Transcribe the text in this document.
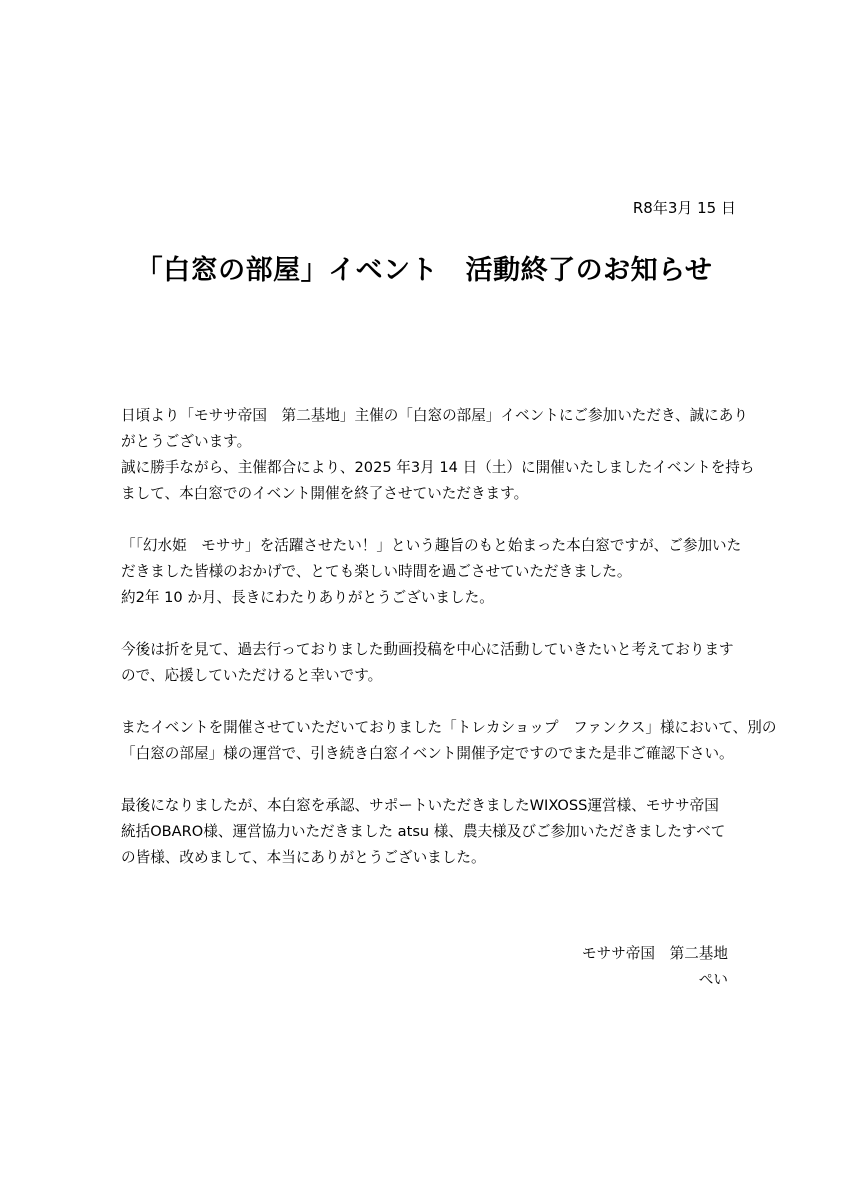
R8年3月 15 日
「白窓の部屋」イベント　活動終了のお知らせ
日頃より「モササ帝国　第二基地」主催の「白窓の部屋」イベントにご参加いただき、誠にあり
がとうございます。
誠に勝手ながら、主催都合により、2025 年3月 14 日（土）に開催いたしましたイベントを持ち
まして、本白窓でのイベント開催を終了させていただきます。
「「幻水姫　モササ」を活躍させたい！」という趣旨のもと始まった本白窓ですが、ご参加いた
だきました皆様のおかげで、とても楽しい時間を過ごさせていただきました。
約2年 10 か月、長きにわたりありがとうございました。
今後は折を見て、過去行っておりました動画投稿を中心に活動していきたいと考えております
ので、応援していただけると幸いです。
またイベントを開催させていただいておりました「トレカショップ　ファンクス」様において、別の
「白窓の部屋」様の運営で、引き続き白窓イベント開催予定ですのでまた是非ご確認下さい。
最後になりましたが、本白窓を承認、サポートいただきましたWIXOSS運営様、モササ帝国
統括OBARO様、運営協力いただきました atsu 様、農夫様及びご参加いただきましたすべて
の皆様、改めまして、本当にありがとうございました。
モササ帝国　第二基地
ぺい
